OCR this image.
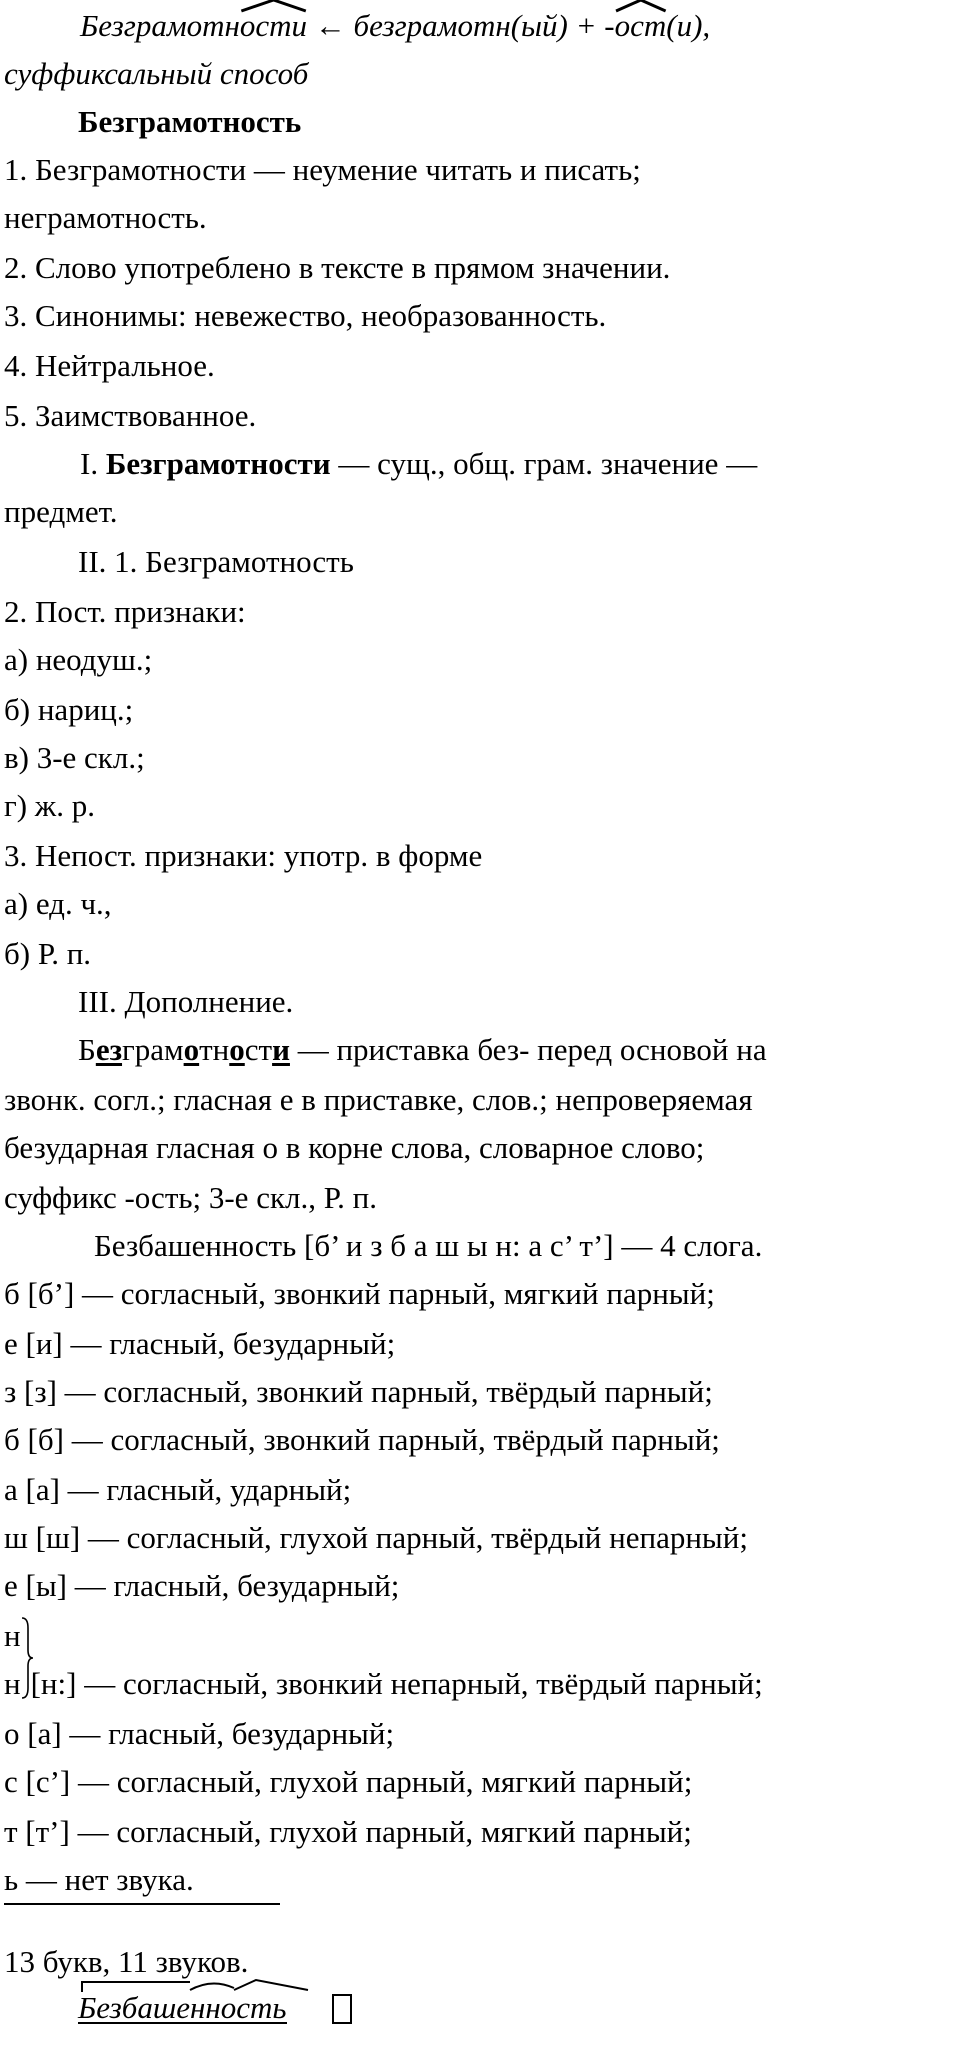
Безграмотн
ости ← безграмотн(ый) + -
ост(и),
суффиксальный способ
Безграмотность
1. Безграмотности — неумение читать и писать;
неграмотность.
2. Слово употреблено в тексте в прямом значении.
3. Синонимы: невежество, необразованность.
4. Нейтральное.
5. Заимствованное.
I. Безграмотности — сущ., общ. грам. значение —
предмет.
II. 1. Безграмотность
2. Пост. признаки:
а) неодуш.;
б) нариц.;
в) 3-е скл.;
г) ж. р.
3. Непост. признаки: употр. в форме
а) ед. ч.,
б) Р. п.
III. Дополнение.
Безграмотности — приставка без- перед основой на
звонк. согл.; гласная е в приставке, слов.; непроверяемая
безударная гласная о в корне слова, словарное слово;
суффикс -ость; 3-е скл., Р. п.
Безбашенность [б’ и з б а ш ы н: а с’ т’] — 4 слога.
б [б’] — согласный, звонкий парный, мягкий парный;
е [и] — гласный, безударный;
з [з] — согласный, звонкий парный, твёрдый парный;
б [б] — согласный, звонкий парный, твёрдый парный;
а [а] — гласный, ударный;
ш [ш] — согласный, глухой парный, твёрдый непарный;
е [ы] — гласный, безударный;
н
н [н:] — согласный, звонкий непарный, твёрдый парный;
о [а] — гласный, безударный;
с [с’] — согласный, глухой парный, мягкий парный;
т [т’] — согласный, глухой парный, мягкий парный;
ь — нет звука.
13 букв, 11 звуков.
Безбашенность
